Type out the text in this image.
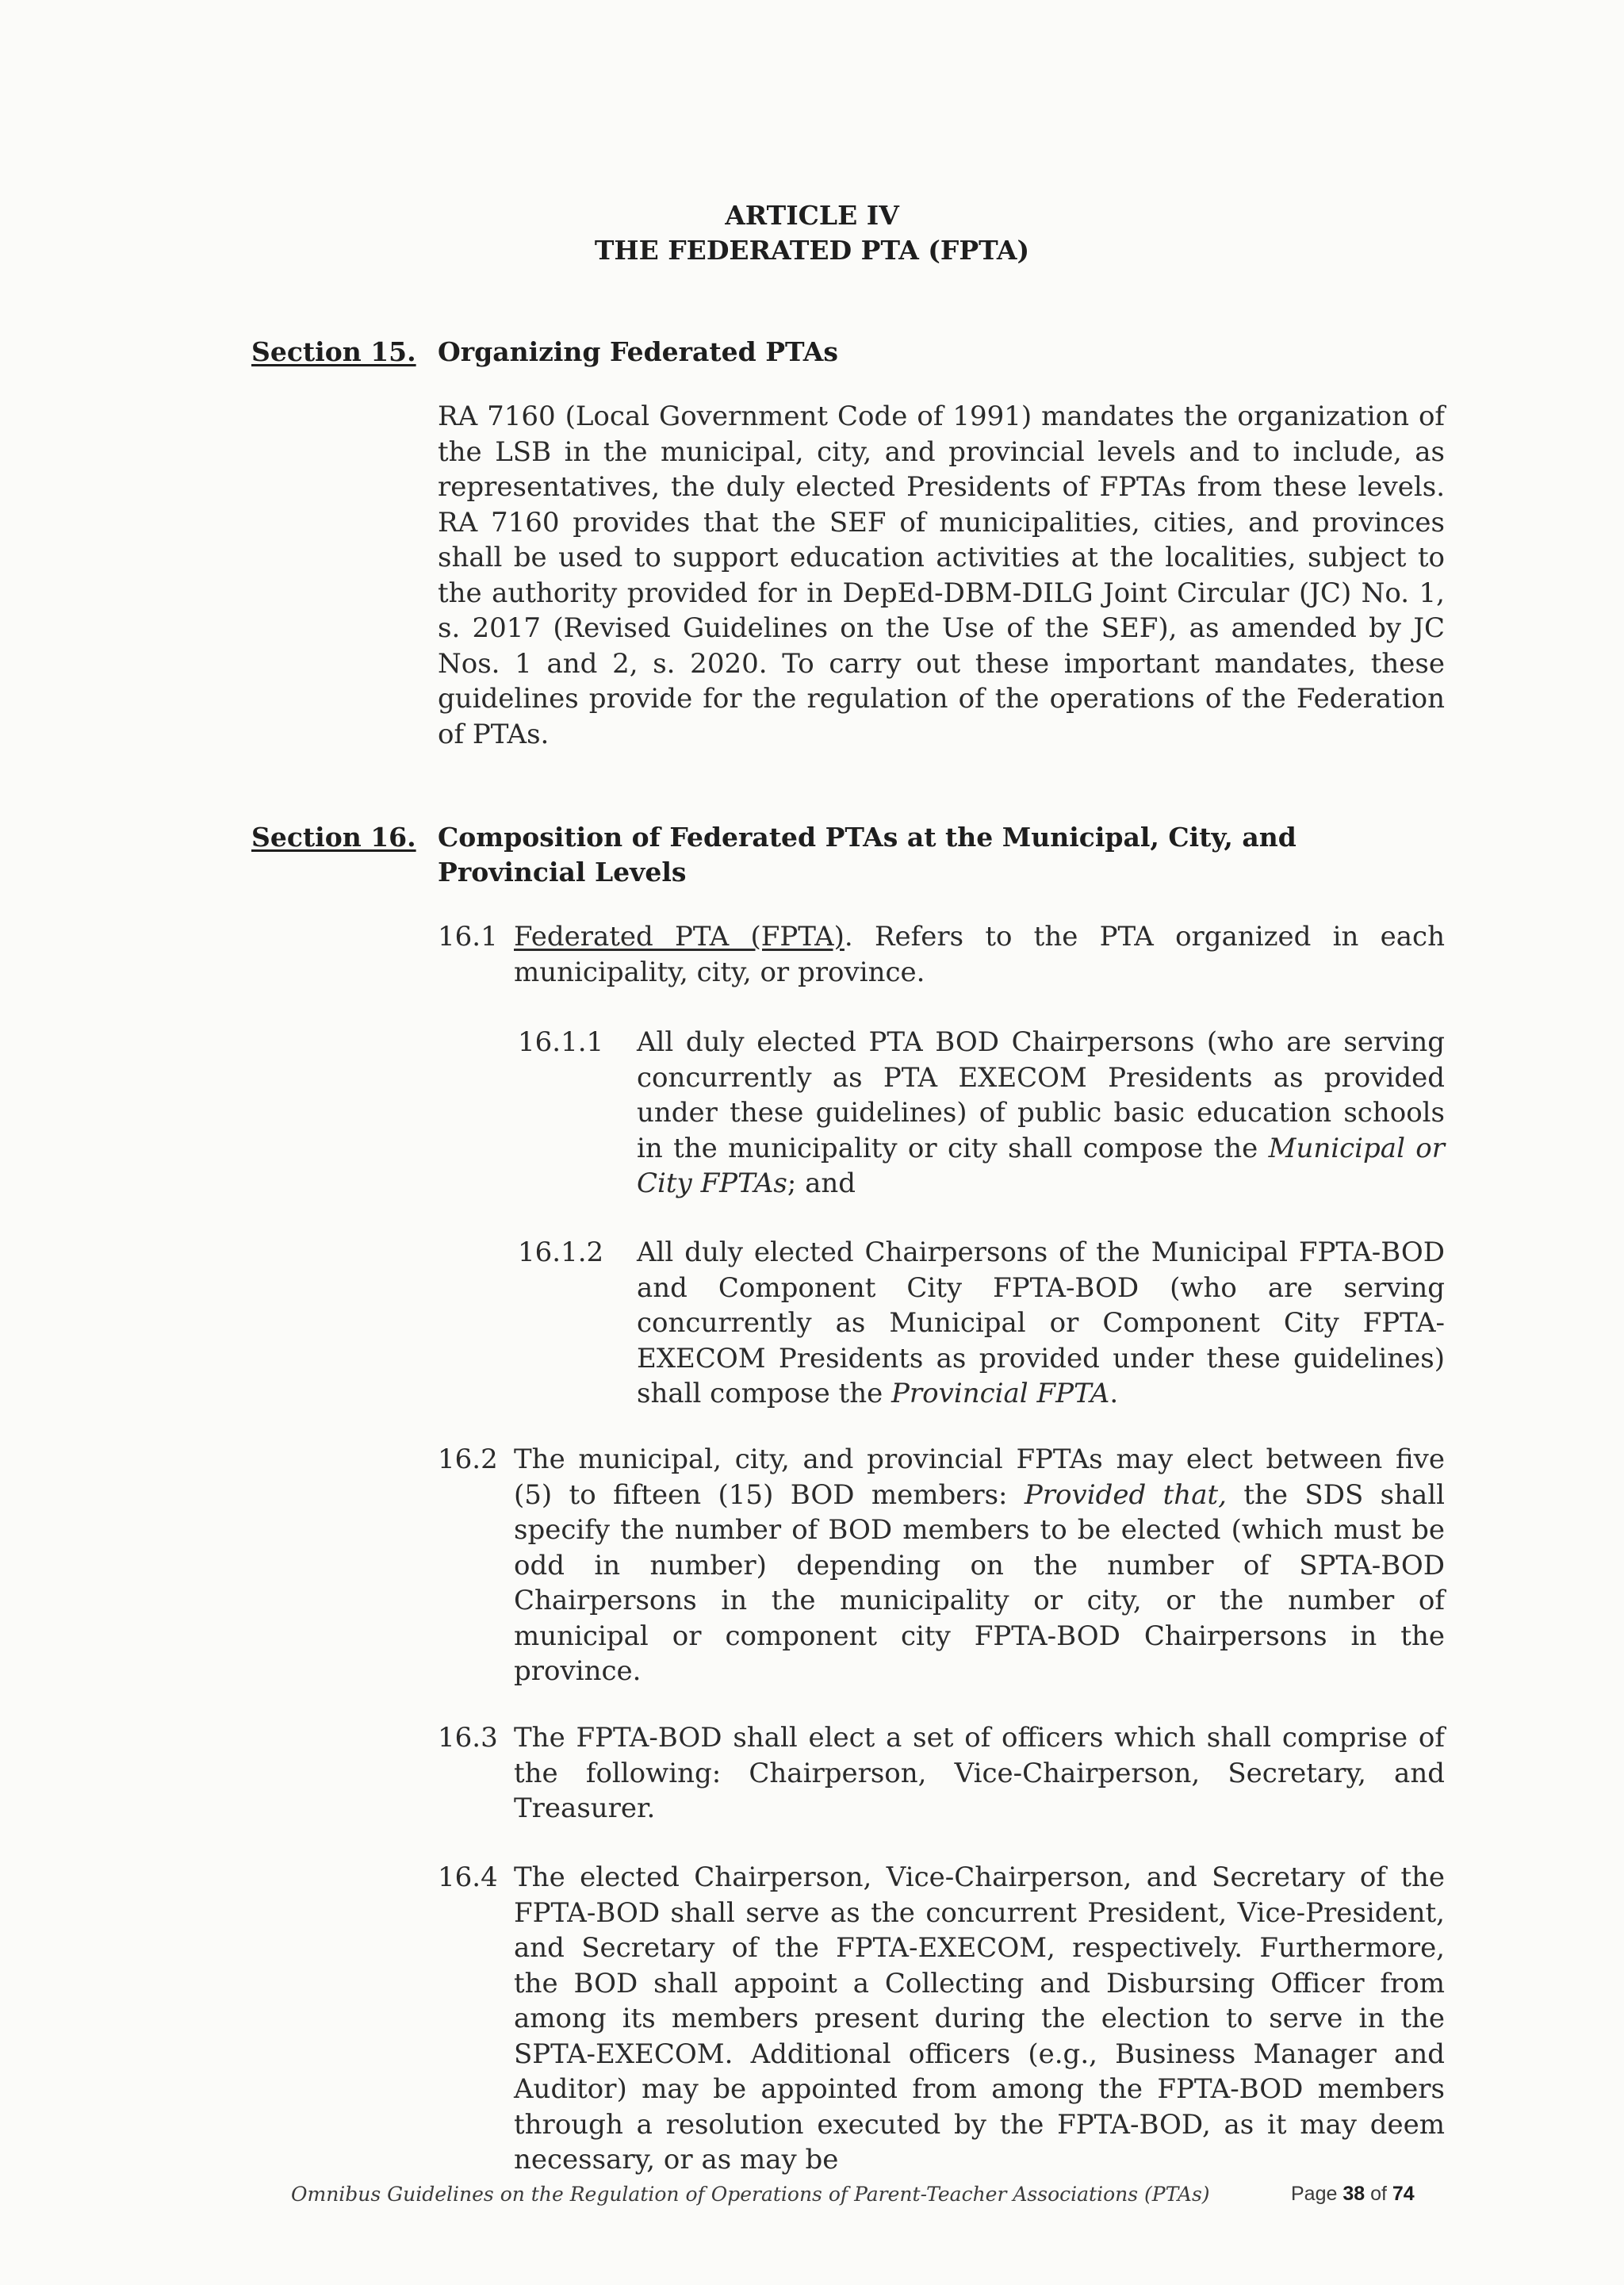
ARTICLE IV
THE FEDERATED PTA (FPTA)
Section 15. Organizing Federated PTAs
RA 7160 (Local Government Code of 1991) mandates the organization of the LSB in the municipal, city, and provincial levels and to include, as representatives, the duly elected Presidents of FPTAs from these levels. RA 7160 provides that the SEF of municipalities, cities, and provinces shall be used to support education activities at the localities, subject to the authority provided for in DepEd-DBM-DILG Joint Circular (JC) No. 1, s. 2017 (Revised Guidelines on the Use of the SEF), as amended by JC Nos. 1 and 2, s. 2020. To carry out these important mandates, these guidelines provide for the regulation of the operations of the Federation of PTAs.
Section 16. Composition of Federated PTAs at the Municipal, City, and Provincial Levels
16.1 Federated PTA (FPTA). Refers to the PTA organized in each municipality, city, or province.
16.1.1 All duly elected PTA BOD Chairpersons (who are serving concurrently as PTA EXECOM Presidents as provided under these guidelines) of public basic education schools in the municipality or city shall compose the Municipal or City FPTAs; and
16.1.2 All duly elected Chairpersons of the Municipal FPTA-BOD and Component City FPTA-BOD (who are serving concurrently as Municipal or Component City FPTA-EXECOM Presidents as provided under these guidelines) shall compose the Provincial FPTA.
16.2 The municipal, city, and provincial FPTAs may elect between five (5) to fifteen (15) BOD members: Provided that, the SDS shall specify the number of BOD members to be elected (which must be odd in number) depending on the number of SPTA-BOD Chairpersons in the municipality or city, or the number of municipal or component city FPTA-BOD Chairpersons in the province.
16.3 The FPTA-BOD shall elect a set of officers which shall comprise of the following: Chairperson, Vice-Chairperson, Secretary, and Treasurer.
16.4 The elected Chairperson, Vice-Chairperson, and Secretary of the FPTA-BOD shall serve as the concurrent President, Vice-President, and Secretary of the FPTA-EXECOM, respectively. Furthermore, the BOD shall appoint a Collecting and Disbursing Officer from among its members present during the election to serve in the SPTA-EXECOM. Additional officers (e.g., Business Manager and Auditor) may be appointed from among the FPTA-BOD members through a resolution executed by the FPTA-BOD, as it may deem necessary, or as may be
Omnibus Guidelines on the Regulation of Operations of Parent-Teacher Associations (PTAs)	Page 38 of 74
